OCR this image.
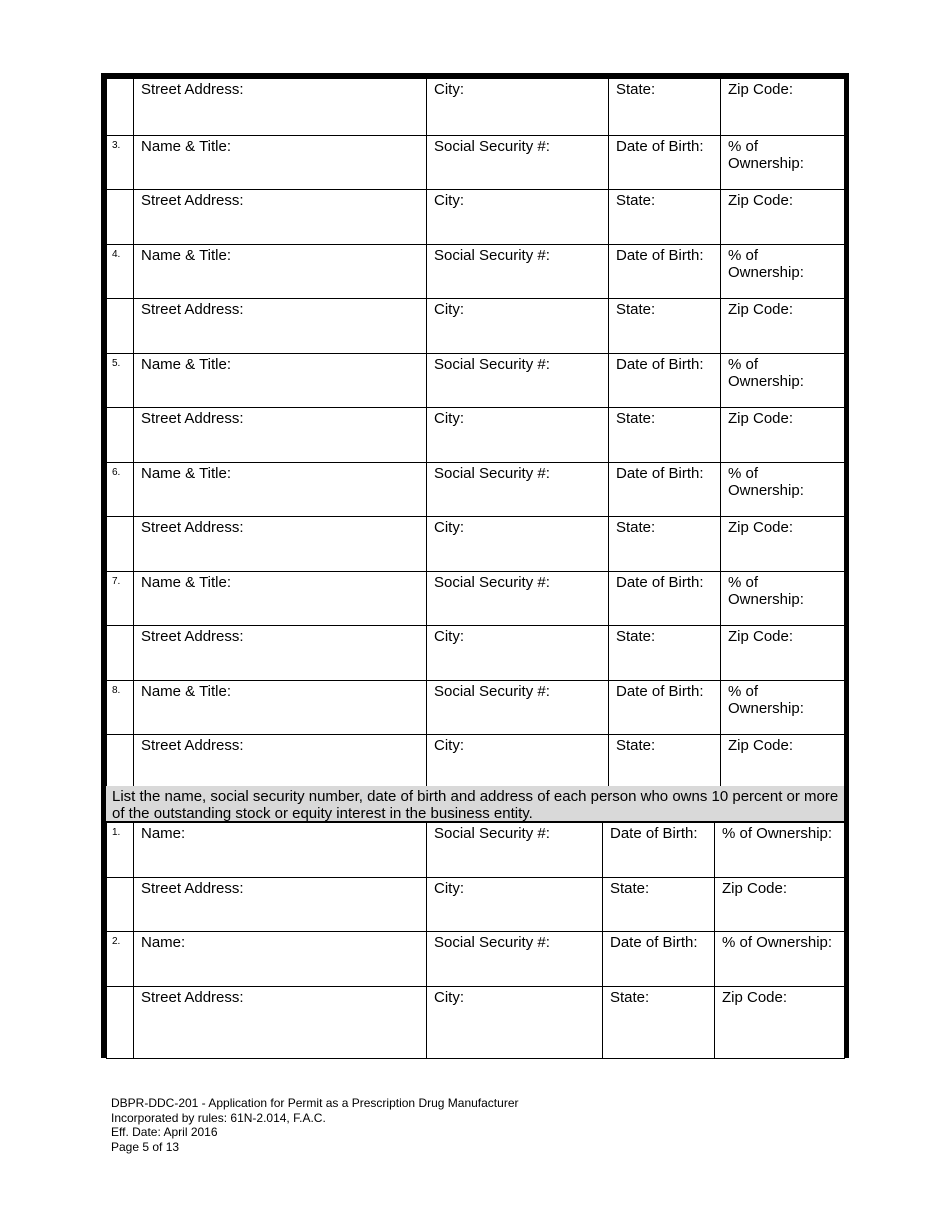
	Street Address:	City:	State:	Zip Code:
3.	Name & Title:	Social Security #:	Date of Birth:	% of
Ownership:

	Street Address:	City:	State:	Zip Code:
4.	Name & Title:	Social Security #:	Date of Birth:	% of
Ownership:

	Street Address:	City:	State:	Zip Code:
5.	Name & Title:	Social Security #:	Date of Birth:	% of
Ownership:

	Street Address:	City:	State:	Zip Code:
6.	Name & Title:	Social Security #:	Date of Birth:	% of
Ownership:

	Street Address:	City:	State:	Zip Code:
7.	Name & Title:	Social Security #:	Date of Birth:	% of
Ownership:

	Street Address:	City:	State:	Zip Code:
8.	Name & Title:	Social Security #:	Date of Birth:	% of
Ownership:

	Street Address:	City:	State:	Zip Code:
List the name, social security number, date of birth and address of each person who owns 10 percent or more of the outstanding stock or equity interest in the business entity.
1.	Name:	Social Security #:	Date of Birth:	% of Ownership:
	Street Address:	City:	State:	Zip Code:
2.	Name:	Social Security #:	Date of Birth:	% of Ownership:
	Street Address:	City:	State:	Zip Code:
DBPR-DDC-201 - Application for Permit as a Prescription Drug Manufacturer
Incorporated by rules: 61N-2.014, F.A.C.
Eff. Date: April 2016
Page 5 of 13
